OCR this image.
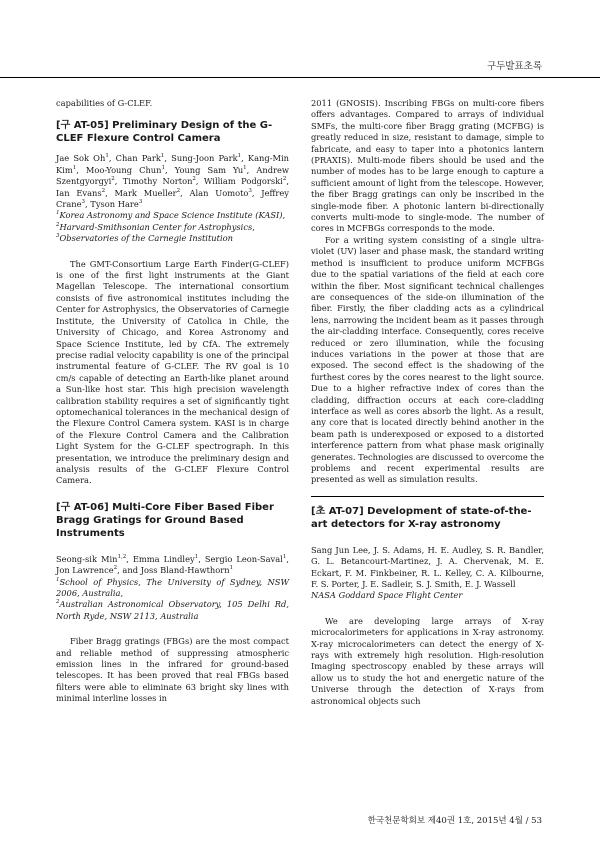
구두발표초록

capabilities of G-CLEF.

[구 AT-05] Preliminary Design of the G-CLEF Flexure Control Camera

Jae Sok Oh$^1$, Chan Park$^1$, Sung-Joon Park$^1$, Kang-Min Kim$^1$, Moo-Young Chun$^1$, Young Sam Yu$^1$, Andrew Szentgyorgyi$^2$, Timothy Norton$^2$, William Podgorski$^2$, Ian Evans$^2$, Mark Mueller$^2$, Alan Uomoto$^3$, Jeffrey Crane$^3$, Tyson Hare$^3$

$^1$Korea Astronomy and Space Science Institute (KASI),

$^2$Harvard-Smithsonian Center for Astrophysics,

$^3$Observatories of the Carnegie Institution

The GMT-Consortium Large Earth Finder(G-CLEF) is one of the first light instruments at the Giant Magellan Telescope. The international consortium consists of five astronomical institutes including the Center for Astrophysics, the Observatories of Carnegie Institute, the University of Catolica in Chile, the University of Chicago, and Korea Astronomy and Space Science Institute, led by CfA. The extremely precise radial velocity capability is one of the principal instrumental feature of G-CLEF. The RV goal is 10 cm/s capable of detecting an Earth-like planet around a Sun-like host star. This high precision wavelength calibration stability requires a set of significantly tight optomechanical tolerances in the mechanical design of the Flexure Control Camera system. KASI is in charge of the Flexure Control Camera and the Calibration Light System for the G-CLEF spectrograph. In this presentation, we introduce the preliminary design and analysis results of the G-CLEF Flexure Control Camera.

[구 AT-06] Multi-Core Fiber Based Fiber Bragg Gratings for Ground Based Instruments

Seong-sik Min$^{1,2}$, Emma Lindley$^1$, Sergio Leon-Saval$^1$, Jon Lawrence$^2$, and Joss Bland-Hawthorn$^1$

$^1$School of Physics, The University of Sydney, NSW 2006, Australia,

$^2$Australian Astronomical Observatory, 105 Delhi Rd, North Ryde, NSW 2113, Australia

Fiber Bragg gratings (FBGs) are the most compact and reliable method of suppressing atmospheric emission lines in the infrared for ground-based telescopes. It has been proved that real FBGs based filters were able to eliminate 63 bright sky lines with minimal interline losses in

2011 (GNOSIS). Inscribing FBGs on multi-core fibers offers advantages. Compared to arrays of individual SMFs, the multi-core fiber Bragg grating (MCFBG) is greatly reduced in size, resistant to damage, simple to fabricate, and easy to taper into a photonics lantern (PRAXIS). Multi-mode fibers should be used and the number of modes has to be large enough to capture a sufficient amount of light from the telescope. However, the fiber Bragg gratings can only be inscribed in the single-mode fiber. A photonic lantern bi-directionally converts multi-mode to single-mode. The number of cores in MCFBGs corresponds to the mode.

For a writing system consisting of a single ultra-violet (UV) laser and phase mask, the standard writing method is insufficient to produce uniform MCFBGs due to the spatial variations of the field at each core within the fiber. Most significant technical challenges are consequences of the side-on illumination of the fiber. Firstly, the fiber cladding acts as a cylindrical lens, narrowing the incident beam as it passes through the air-cladding interface. Consequently, cores receive reduced or zero illumination, while the focusing induces variations in the power at those that are exposed. The second effect is the shadowing of the furthest cores by the cores nearest to the light source. Due to a higher refractive index of cores than the cladding, diffraction occurs at each core-cladding interface as well as cores absorb the light. As a result, any core that is located directly behind another in the beam path is underexposed or exposed to a distorted interference pattern from what phase mask originally generates. Technologies are discussed to overcome the problems and recent experimental results are presented as well as simulation results.

[초 AT-07] Development of state-of-the-art detectors for X-ray astronomy

Sang Jun Lee, J. S. Adams, H. E. Audley, S. R. Bandler, G. L. Betancourt-Martinez, J. A. Chervenak, M. E. Eckart, F. M. Finkbeiner, R. L. Kelley, C. A. Kilbourne, F. S. Porter, J. E. Sadleir, S. J. Smith, E. J. Wassell

NASA Goddard Space Flight Center

We are developing large arrays of X-ray microcalorimeters for applications in X-ray astronomy. X-ray microcalorimeters can detect the energy of X-rays with extremely high resolution. High-resolution Imaging spectroscopy enabled by these arrays will allow us to study the hot and energetic nature of the Universe through the detection of X-rays from astronomical objects such

한국천문학회보 제40권 1호, 2015년 4월 / 53
